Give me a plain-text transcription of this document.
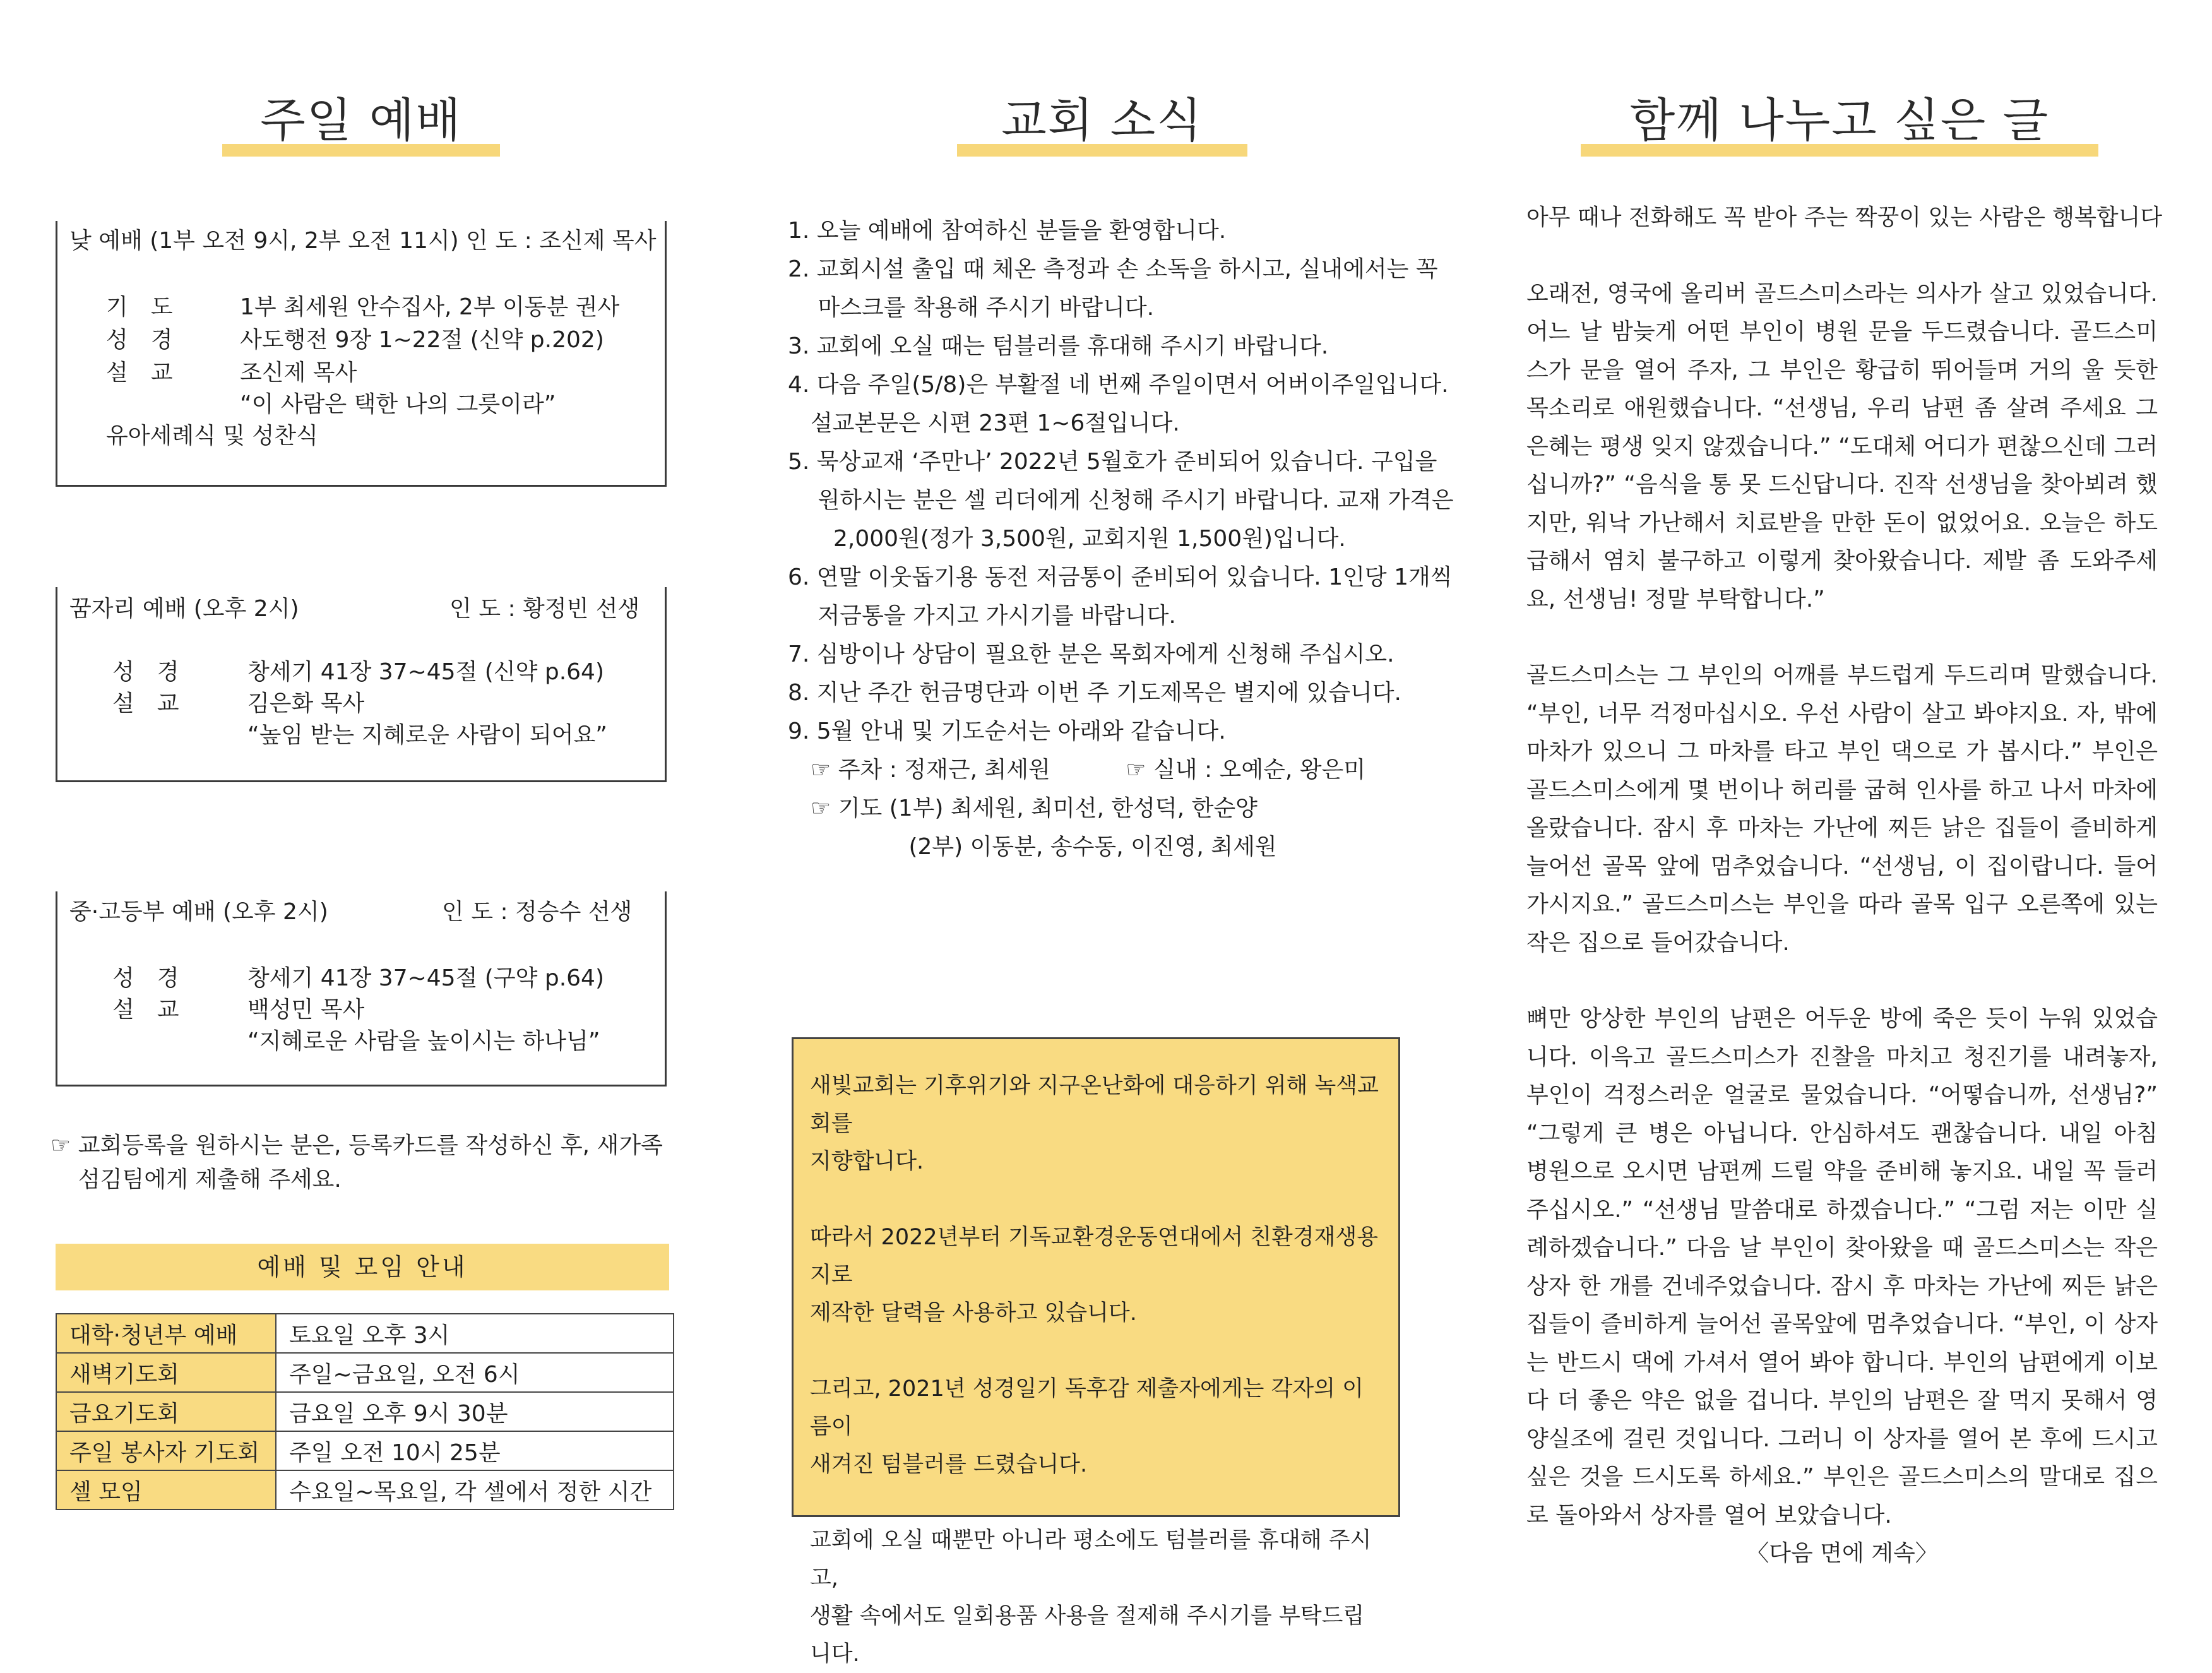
주일 예배
낮 예배 (1부 오전 9시, 2부 오전 11시) 인 도 : 조신제 목사
기　도	1부 최세원 안수집사, 2부 이동분 권사
성　경	사도행전 9장 1~22절 (신약 p.202)
설　교	조신제 목사
“이 사람은 택한 나의 그릇이라”
유아세례식 및 성찬식
꿈자리 예배 (오후 2시)	인 도 : 황정빈 선생
성　경	창세기 41장 37~45절 (신약 p.64)
설　교	김은화 목사
“높임 받는 지혜로운 사람이 되어요”
중·고등부 예배 (오후 2시)	인 도 : 정승수 선생
성　경	창세기 41장 37~45절 (구약 p.64)
설　교	백성민 목사
“지혜로운 사람을 높이시는 하나님”
☞ 교회등록을 원하시는 분은, 등록카드를 작성하신 후, 새가족
섬김팀에게 제출해 주세요.
예배 및 모임 안내
대학·청년부 예배	토요일 오후 3시
새벽기도회	주일~금요일, 오전 6시
금요기도회	금요일 오후 9시 30분
주일 봉사자 기도회	주일 오전 10시 25분
셀 모임	수요일~목요일, 각 셀에서 정한 시간
교회 소식
1. 오늘 예배에 참여하신 분들을 환영합니다.
2. 교회시설 출입 때 체온 측정과 손 소독을 하시고, 실내에서는 꼭
　 마스크를 착용해 주시기 바랍니다.
3. 교회에 오실 때는 텀블러를 휴대해 주시기 바랍니다.
4. 다음 주일(5/8)은 부활절 네 번째 주일이면서 어버이주일입니다.
　설교본문은 시편 23편 1~6절입니다.
5. 묵상교재 ‘주만나’ 2022년 5월호가 준비되어 있습니다. 구입을
　 원하시는 분은 셀 리더에게 신청해 주시기 바랍니다. 교재 가격은
　　2,000원(정가 3,500원, 교회지원 1,500원)입니다.
6. 연말 이웃돕기용 동전 저금통이 준비되어 있습니다. 1인당 1개씩
　 저금통을 가지고 가시기를 바랍니다.
7. 심방이나 상담이 필요한 분은 목회자에게 신청해 주십시오.
8. 지난 주간 헌금명단과 이번 주 기도제목은 별지에 있습니다.
9. 5월 안내 및 기도순서는 아래와 같습니다.
　☞ 주차 : 정재근, 최세원　　　 ☞ 실내 : 오예순, 왕은미
　☞ 기도 (1부) 최세원, 최미선, 한성덕, 한순양
　　　　　 (2부) 이동분, 송수동, 이진영, 최세원

새빛교회는 기후위기와 지구온난화에 대응하기 위해 녹색교회를

지향합니다.

따라서 2022년부터 기독교환경운동연대에서 친환경재생용지로

제작한 달력을 사용하고 있습니다.

그리고, 2021년 성경일기 독후감 제출자에게는 각자의 이름이

새겨진 텀블러를 드렸습니다.

교회에 오실 때뿐만 아니라 평소에도 텀블러를 휴대해 주시고,

생활 속에서도 일회용품 사용을 절제해 주시기를 부탁드립니다.

함께 나누고 싶은 글

아무 때나 전화해도 꼭 받아 주는 짝꿍이 있는 사람은 행복합니다

오래전, 영국에 올리버 골드스미스라는 의사가 살고 있었습니다. 어느 날 밤늦게 어떤 부인이 병원 문을 두드렸습니다. 골드스미스가 문을 열어 주자, 그 부인은 황급히 뛰어들며 거의 울 듯한 목소리로 애원했습니다. “선생님, 우리 남편 좀 살려 주세요 그 은혜는 평생 잊지 않겠습니다.” “도대체 어디가 편찮으신데 그러십니까?” “음식을 통 못 드신답니다. 진작 선생님을 찾아뵈려 했지만, 워낙 가난해서 치료받을 만한 돈이 없었어요. 오늘은 하도 급해서 염치 불구하고 이렇게 찾아왔습니다. 제발 좀 도와주세요, 선생님! 정말 부탁합니다.”

골드스미스는 그 부인의 어깨를 부드럽게 두드리며 말했습니다. “부인, 너무 걱정마십시오. 우선 사람이 살고 봐야지요. 자, 밖에 마차가 있으니 그 마차를 타고 부인 댁으로 가 봅시다.” 부인은 골드스미스에게 몇 번이나 허리를 굽혀 인사를 하고 나서 마차에 올랐습니다. 잠시 후 마차는 가난에 찌든 낡은 집들이 즐비하게 늘어선 골목 앞에 멈추었습니다. “선생님, 이 집이랍니다. 들어가시지요.” 골드스미스는 부인을 따라 골목 입구 오른쪽에 있는 작은 집으로 들어갔습니다.

뼈만 앙상한 부인의 남편은 어두운 방에 죽은 듯이 누워 있었습니다. 이윽고 골드스미스가 진찰을 마치고 청진기를 내려놓자, 부인이 걱정스러운 얼굴로 물었습니다. “어떻습니까, 선생님?” “그렇게 큰 병은 아닙니다. 안심하셔도 괜찮습니다. 내일 아침 병원으로 오시면 남편께 드릴 약을 준비해 놓지요. 내일 꼭 들러 주십시오.” “선생님 말씀대로 하겠습니다.” “그럼 저는 이만 실례하겠습니다.” 다음 날 부인이 찾아왔을 때 골드스미스는 작은 상자 한 개를 건네주었습니다. 잠시 후 마차는 가난에 찌든 낡은 집들이 즐비하게 늘어선 골목앞에 멈추었습니다. “부인, 이 상자는 반드시 댁에 가셔서 열어 봐야 합니다. 부인의 남편에게 이보다 더 좋은 약은 없을 겁니다. 부인의 남편은 잘 먹지 못해서 영양실조에 걸린 것입니다. 그러니 이 상자를 열어 본 후에 드시고 싶은 것을 드시도록 하세요.” 부인은 골드스미스의 말대로 집으로 돌아와서 상자를 열어 보았습니다.

〈다음 면에 계속〉
